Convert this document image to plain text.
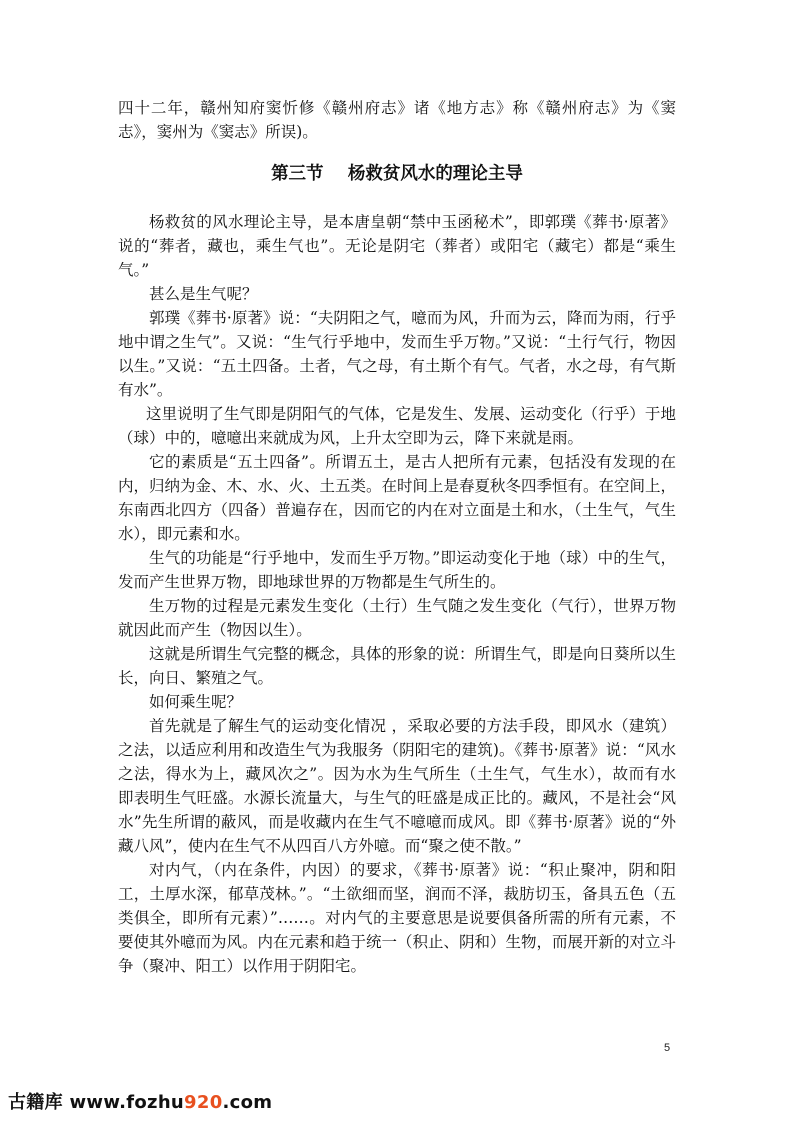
四十二年，赣州知府窦忻修《赣州府志》诸《地方志》称《赣州府志》为《窦志》，窦州为《窦志》所误)。

第三节    杨救贫风水的理论主导

杨救贫的风水理论主导，是本唐皇朝“禁中玉函秘术”，即郭璞《葬书·原著》说的“葬者，藏也，乘生气也”。无论是阴宅（葬者）或阳宅（藏宅）都是“乘生气。”

甚么是生气呢？

郭璞《葬书·原著》说：“夫阴阳之气，噫而为风，升而为云，降而为雨，行乎地中谓之生气”。又说：“生气行乎地中，发而生乎万物。”又说：“土行气行，物因以生。”又说：“五土四备。土者，气之母，有土斯个有气。气者，水之母，有气斯有水”。

这里说明了生气即是阴阳气的气体，它是发生、发展、运动变化（行乎）于地（球）中的，噫噫出来就成为风，上升太空即为云，降下来就是雨。

它的素质是“五土四备”。所谓五土，是古人把所有元素，包括没有发现的在内，归纳为金、木、水、火、土五类。在时间上是春夏秋冬四季恒有。在空间上，东南西北四方（四备）普遍存在，因而它的内在对立面是土和水，（土生气，气生水），即元素和水。

生气的功能是“行乎地中，发而生乎万物。”即运动变化于地（球）中的生气，发而产生世界万物，即地球世界的万物都是生气所生的。

生万物的过程是元素发生变化（土行）生气随之发生变化（气行），世界万物就因此而产生（物因以生）。

这就是所谓生气完整的概念，具体的形象的说：所谓生气，即是向日葵所以生长，向日、繁殖之气。

如何乘生呢？

首先就是了解生气的运动变化情况 ，采取必要的方法手段，即风水（建筑）之法，以适应利用和改造生气为我服务（阴阳宅的建筑)。《葬书·原著》说：“风水之法，得水为上，藏风次之”。因为水为生气所生（土生气，气生水），故而有水即表明生气旺盛。水源长流量大，与生气的旺盛是成正比的。藏风，不是社会“风水”先生所谓的蔽风，而是收藏内在生气不噫噫而成风。即《葬书·原著》说的“外藏八风”，使内在生气不从四百八方外噫。而“聚之使不散。”

对内气，（内在条件，内因）的要求，《葬书·原著》说：“积止聚冲，阴和阳工，土厚水深，郁草茂林。”。“土欲细而坚，润而不泽，裁肪切玉，备具五色（五类俱全，即所有元素）”……。对内气的主要意思是说要俱备所需的所有元素，不要使其外噫而为风。内在元素和趋于统一（积止、阴和）生物，而展开新的对立斗争（聚冲、阳工）以作用于阴阳宅。

5
古籍库 www.fozhu920.com
